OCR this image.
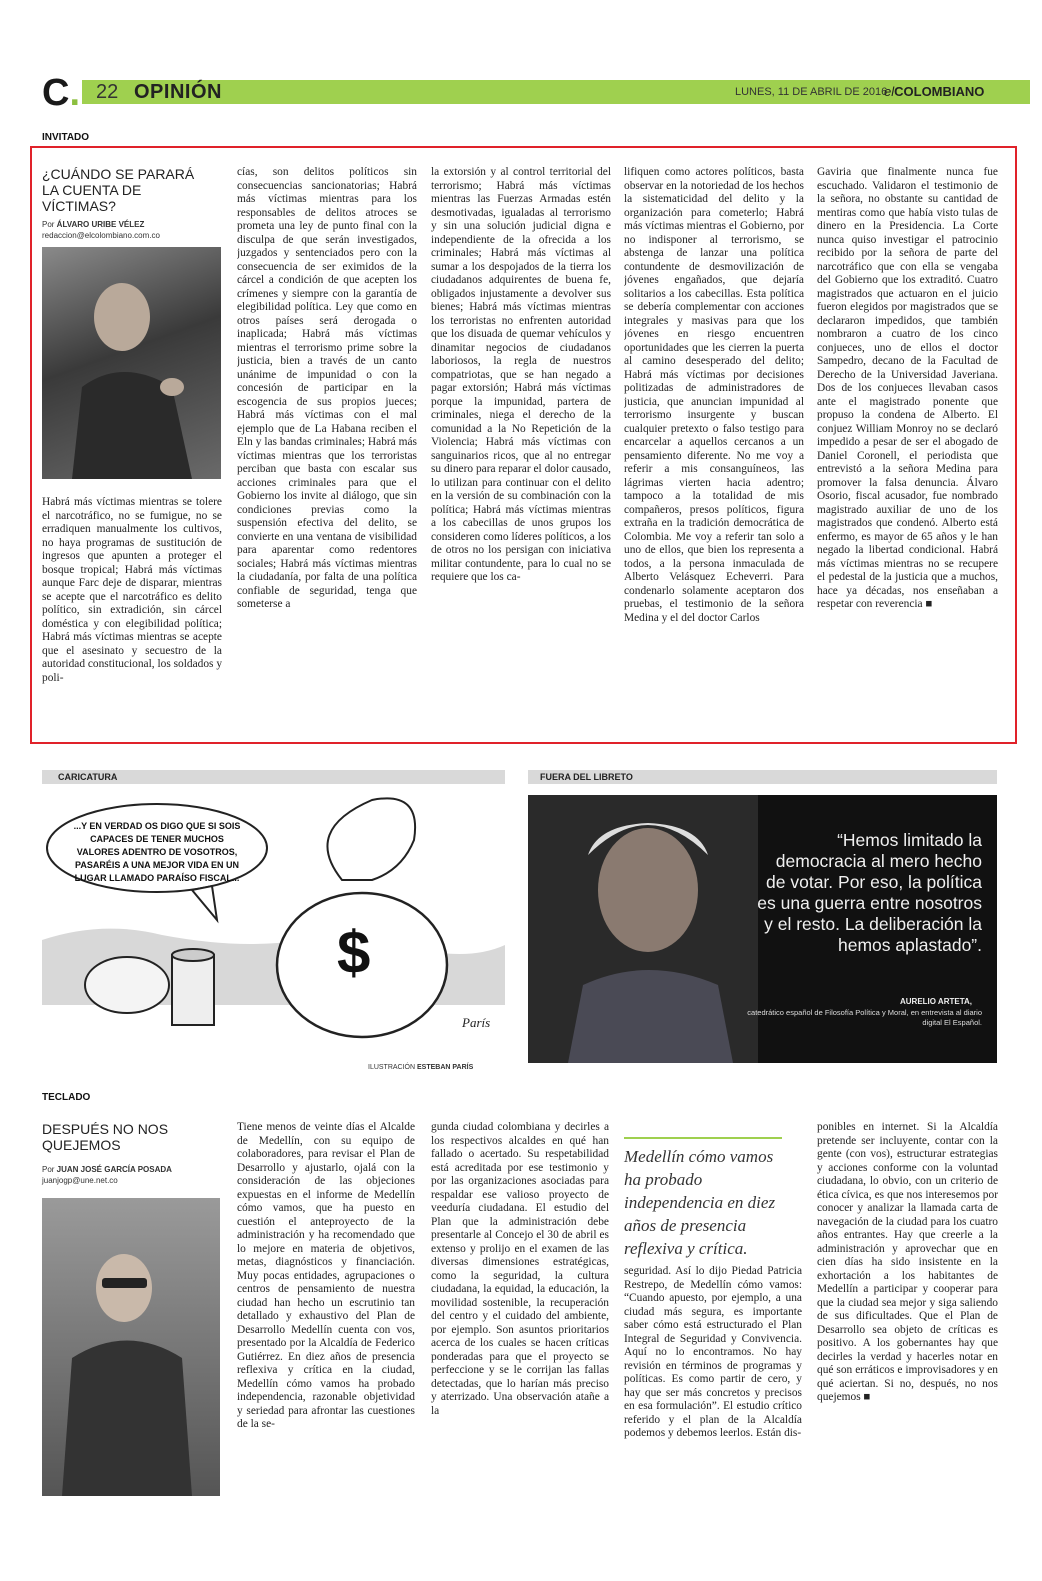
C. 22 OPINIÓN	LUNES, 11 DE ABRIL DE 2016
elCOLOMBIANO
INVITADO
¿CUÁNDO SE PARARÁ LA CUENTA DE VÍCTIMAS?
Por ÁLVARO URIBE VÉLEZ
redaccion@elcolombiano.com.co
Habrá más víctimas mientras se tolere el narcotráfico, no se fumigue, no se erradiquen manualmente los cultivos, no haya programas de sustitución de ingresos que apunten a proteger el bosque tropical; Habrá más víctimas aunque Farc deje de disparar, mientras se acepte que el narcotráfico es delito político, sin extradición, sin cárcel doméstica y con elegibilidad política; Habrá más víctimas mientras se acepte que el asesinato y secuestro de la autoridad constitucional, los soldados y poli-
cías, son delitos políticos sin consecuencias sancionatorias; Habrá más víctimas mientras para los responsables de delitos atroces se prometa una ley de punto final con la disculpa de que serán investigados, juzgados y sentenciados pero con la consecuencia de ser eximidos de la cárcel a condición de que acepten los crímenes y siempre con la garantía de elegibilidad política. Ley que como en otros países será derogada o inaplicada; Habrá más víctimas mientras el terrorismo prime sobre la justicia, bien a través de un canto unánime de impunidad o con la concesión de participar en la escogencia de sus propios jueces; Habrá más víctimas con el mal ejemplo que de La Habana reciben el Eln y las bandas criminales; Habrá más víctimas mientras que los terroristas perciban que basta con escalar sus acciones criminales para que el Gobierno los invite al diálogo, que sin condiciones previas como la suspensión efectiva del delito, se convierte en una ventana de visibilidad para aparentar como redentores sociales; Habrá más víctimas mientras la ciudadanía, por falta de una política confiable de seguridad, tenga que someterse a
la extorsión y al control territorial del terrorismo; Habrá más víctimas mientras las Fuerzas Armadas estén desmotivadas, igualadas al terrorismo y sin una solución judicial digna e independiente de la ofrecida a los criminales; Habrá más víctimas al sumar a los despojados de la tierra los ciudadanos adquirentes de buena fe, obligados injustamente a devolver sus bienes; Habrá más víctimas mientras los terroristas no enfrenten autoridad que los disuada de quemar vehículos y dinamitar negocios de ciudadanos laboriosos, la regla de nuestros compatriotas, que se han negado a pagar extorsión; Habrá más víctimas porque la impunidad, partera de criminales, niega el derecho de la comunidad a la No Repetición de la Violencia; Habrá más víctimas con sanguinarios ricos, que al no entregar su dinero para reparar el dolor causado, lo utilizan para continuar con el delito en la versión de su combinación con la política; Habrá más víctimas mientras a los cabecillas de unos grupos los consideren como líderes políticos, a los de otros no los persigan con iniciativa militar contundente, para lo cual no se requiere que los ca-
lifiquen como actores políticos, basta observar en la notoriedad de los hechos la sistematicidad del delito y la organización para cometerlo; Habrá más víctimas mientras el Gobierno, por no indisponer al terrorismo, se abstenga de lanzar una política contundente de desmovilización de jóvenes engañados, que dejaría solitarios a los cabecillas. Esta política se debería complementar con acciones integrales y masivas para que los jóvenes en riesgo encuentren oportunidades que les cierren la puerta al camino desesperado del delito; Habrá más víctimas por decisiones politizadas de administradores de justicia, que anuncian impunidad al terrorismo insurgente y buscan cualquier pretexto o falso testigo para encarcelar a aquellos cercanos a un pensamiento diferente. No me voy a referir a mis consanguíneos, las lágrimas vierten hacia adentro; tampoco a la totalidad de mis compañeros, presos políticos, figura extraña en la tradición democrática de Colombia. Me voy a referir tan solo a uno de ellos, que bien los representa a todos, a la persona inmaculada de Alberto Velásquez Echeverri. Para condenarlo solamente aceptaron dos pruebas, el testimonio de la señora Medina y el del doctor Carlos
Gaviria que finalmente nunca fue escuchado. Validaron el testimonio de la señora, no obstante su cantidad de mentiras como que había visto tulas de dinero en la Presidencia. La Corte nunca quiso investigar el patrocinio recibido por la señora de parte del narcotráfico que con ella se vengaba del Gobierno que los extraditó. Cuatro magistrados que actuaron en el juicio fueron elegidos por magistrados que se declararon impedidos, que también nombraron a cuatro de los cinco conjueces, uno de ellos el doctor Sampedro, decano de la Facultad de Derecho de la Universidad Javeriana. Dos de los conjueces llevaban casos ante el magistrado ponente que propuso la condena de Alberto. El conjuez William Monroy no se declaró impedido a pesar de ser el abogado de Daniel Coronell, el periodista que entrevistó a la señora Medina para promover la falsa denuncia. Álvaro Osorio, fiscal acusador, fue nombrado magistrado auxiliar de uno de los magistrados que condenó. Alberto está enfermo, es mayor de 65 años y le han negado la libertad condicional. Habrá más víctimas mientras no se recupere el pedestal de la justicia que a muchos, hace ya décadas, nos enseñaban a respetar con reverencia ■
CARICATURA
...Y EN VERDAD OS DIGO QUE SI SOIS CAPACES DE TENER MUCHOS VALORES ADENTRO DE VOSOTROS, PASARÉIS A UNA MEJOR VIDA EN UN LUGAR LLAMADO PARAÍSO FISCAL...
$
París
ILUSTRACIÓN ESTEBAN PARÍS
FUERA DEL LIBRETO
“Hemos limitado la democracia al mero hecho de votar. Por eso, la política es una guerra entre nosotros y el resto. La deliberación la hemos aplastado”.
AURELIO ARTETA,
catedrático español de Filosofía Política y Moral, en entrevista al diario digital El Español.
TECLADO
DESPUÉS NO NOS QUEJEMOS
Por JUAN JOSÉ GARCÍA POSADA
juanjogp@une.net.co
Tiene menos de veinte días el Alcalde de Medellín, con su equipo de colaboradores, para revisar el Plan de Desarrollo y ajustarlo, ojalá con la consideración de las objeciones expuestas en el informe de Medellín cómo vamos, que ha puesto en cuestión el anteproyecto de la administración y ha recomendado que lo mejore en materia de objetivos, metas, diagnósticos y financiación. Muy pocas entidades, agrupaciones o centros de pensamiento de nuestra ciudad han hecho un escrutinio tan detallado y exhaustivo del Plan de Desarrollo Medellín cuenta con vos, presentado por la Alcaldía de Federico Gutiérrez. En diez años de presencia reflexiva y crítica en la ciudad, Medellín cómo vamos ha probado independencia, razonable objetividad y seriedad para afrontar las cuestiones de la se-
gunda ciudad colombiana y decirles a los respectivos alcaldes en qué han fallado o acertado. Su respetabilidad está acreditada por ese testimonio y por las organizaciones asociadas para respaldar ese valioso proyecto de veeduría ciudadana. El estudio del Plan que la administración debe presentarle al Concejo el 30 de abril es extenso y prolijo en el examen de las diversas dimensiones estratégicas, como la seguridad, la cultura ciudadana, la equidad, la educación, la movilidad sostenible, la recuperación del centro y el cuidado del ambiente, por ejemplo. Son asuntos prioritarios acerca de los cuales se hacen críticas ponderadas para que el proyecto se perfeccione y se le corrijan las fallas detectadas, que lo harían más preciso y aterrizado. Una observación atañe a la
Medellín cómo vamos ha probado independencia en diez años de presencia reflexiva y crítica.
seguridad. Así lo dijo Piedad Patricia Restrepo, de Medellín cómo vamos: “Cuando apuesto, por ejemplo, a una ciudad más segura, es importante saber cómo está estructurado el Plan Integral de Seguridad y Convivencia. Aquí no lo encontramos. No hay revisión en términos de programas y políticas. Es como partir de cero, y hay que ser más concretos y precisos en esa formulación”. El estudio crítico referido y el plan de la Alcaldía podemos y debemos leerlos. Están dis-
ponibles en internet. Si la Alcaldía pretende ser incluyente, contar con la gente (con vos), estructurar estrategias y acciones conforme con la voluntad ciudadana, lo obvio, con un criterio de ética cívica, es que nos interesemos por conocer y analizar la llamada carta de navegación de la ciudad para los cuatro años entrantes. Hay que creerle a la administración y aprovechar que en cien días ha sido insistente en la exhortación a los habitantes de Medellín a participar y cooperar para que la ciudad sea mejor y siga saliendo de sus dificultades. Que el Plan de Desarrollo sea objeto de críticas es positivo. A los gobernantes hay que decirles la verdad y hacerles notar en qué son erráticos e improvisadores y en qué aciertan. Si no, después, no nos quejemos ■
